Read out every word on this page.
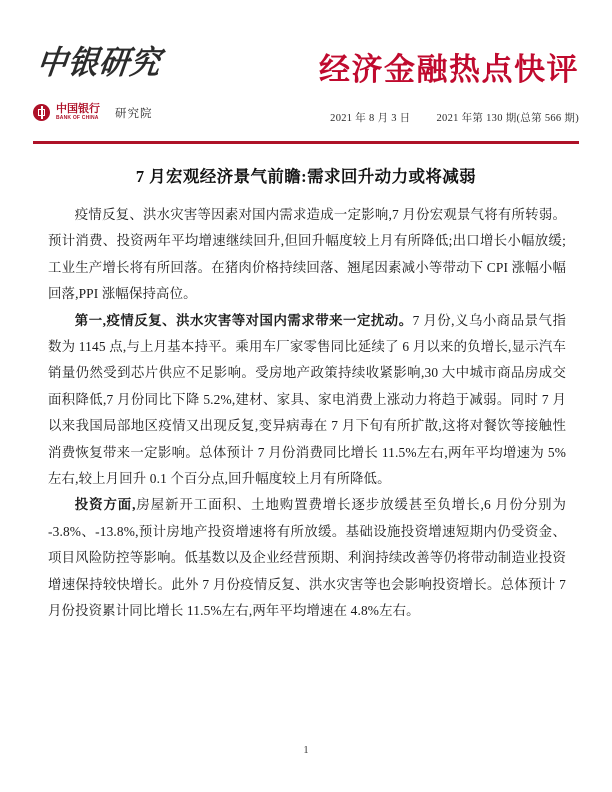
中银研究
中国银行
BANK OF CHINA 研究院
经济金融热点快评
2021 年 8 月 3 日 2021 年第 130 期(总第 566 期)
7 月宏观经济景气前瞻:需求回升动力或将减弱

疫情反复、洪水灾害等因素对国内需求造成一定影响,7 月份宏观景气将有所转弱。预计消费、投资两年平均增速继续回升,但回升幅度较上月有所降低;出口增长小幅放缓;工业生产增长将有所回落。在猪肉价格持续回落、翘尾因素减小等带动下 CPI 涨幅小幅回落,PPI 涨幅保持高位。

第一,疫情反复、洪水灾害等对国内需求带来一定扰动。7 月份,义乌小商品景气指数为 1145 点,与上月基本持平。乘用车厂家零售同比延续了 6 月以来的负增长,显示汽车销量仍然受到芯片供应不足影响。受房地产政策持续收紧影响,30 大中城市商品房成交面积降低,7 月份同比下降 5.2%,建材、家具、家电消费上涨动力将趋于减弱。同时 7 月以来我国局部地区疫情又出现反复,变异病毒在 7 月下旬有所扩散,这将对餐饮等接触性消费恢复带来一定影响。总体预计 7 月份消费同比增长 11.5%左右,两年平均增速为 5%左右,较上月回升 0.1 个百分点,回升幅度较上月有所降低。

投资方面,房屋新开工面积、土地购置费增长逐步放缓甚至负增长,6 月份分别为 -3.8%、-13.8%,预计房地产投资增速将有所放缓。基础设施投资增速短期内仍受资金、项目风险防控等影响。低基数以及企业经营预期、利润持续改善等仍将带动制造业投资增速保持较快增长。此外 7 月份疫情反复、洪水灾害等也会影响投资增长。总体预计 7 月份投资累计同比增长 11.5%左右,两年平均增速在 4.8%左右。

1
